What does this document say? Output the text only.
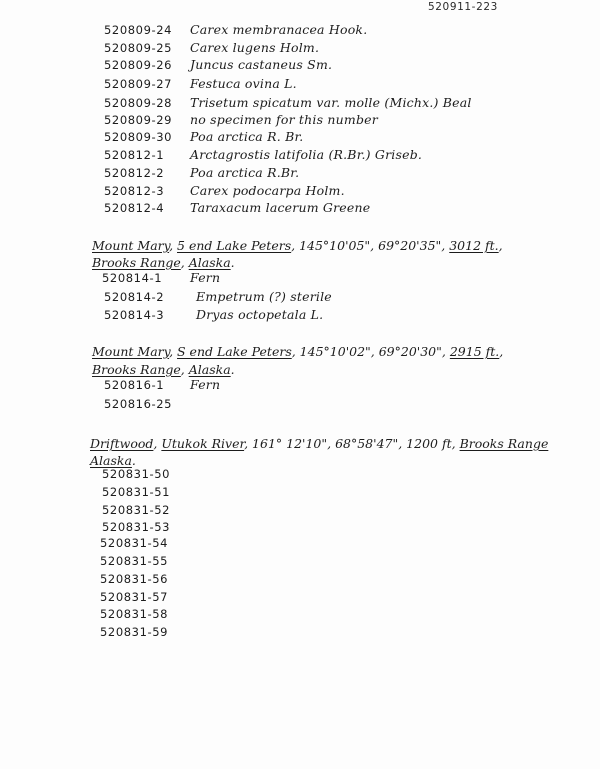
520911-223
520809-24 Carex membranacea Hook.
520809-25 Carex lugens Holm.
520809-26 Juncus castaneus Sm.
520809-27 Festuca ovina L.
520809-28 Trisetum spicatum var. molle (Michx.) Beal
520809-29 no specimen for this number
520809-30 Poa arctica R. Br.
520812-1 Arctagrostis latifolia (R.Br.) Griseb.
520812-2 Poa arctica R.Br.
520812-3 Carex podocarpa Holm.
520812-4 Taraxacum lacerum Greene
Mount Mary, 5 end Lake Peters, 145°10'05", 69°20'35", 3012 ft.,
Brooks Range, Alaska.
520814-1 Fern
520814-2	Empetrum (?) sterile
520814-3	Dryas octopetala L.
Mount Mary, S end Lake Peters, 145°10'02", 69°20'30", 2915 ft.,
Brooks Range, Alaska.
520816-1 Fern
520816-25
Driftwood, Utukok River, 161° 12'10", 68°58'47", 1200 ft, Brooks Range
Alaska.
520831-50
520831-51
520831-52
520831-53
520831-54
520831-55
520831-56
520831-57
520831-58
520831-59
